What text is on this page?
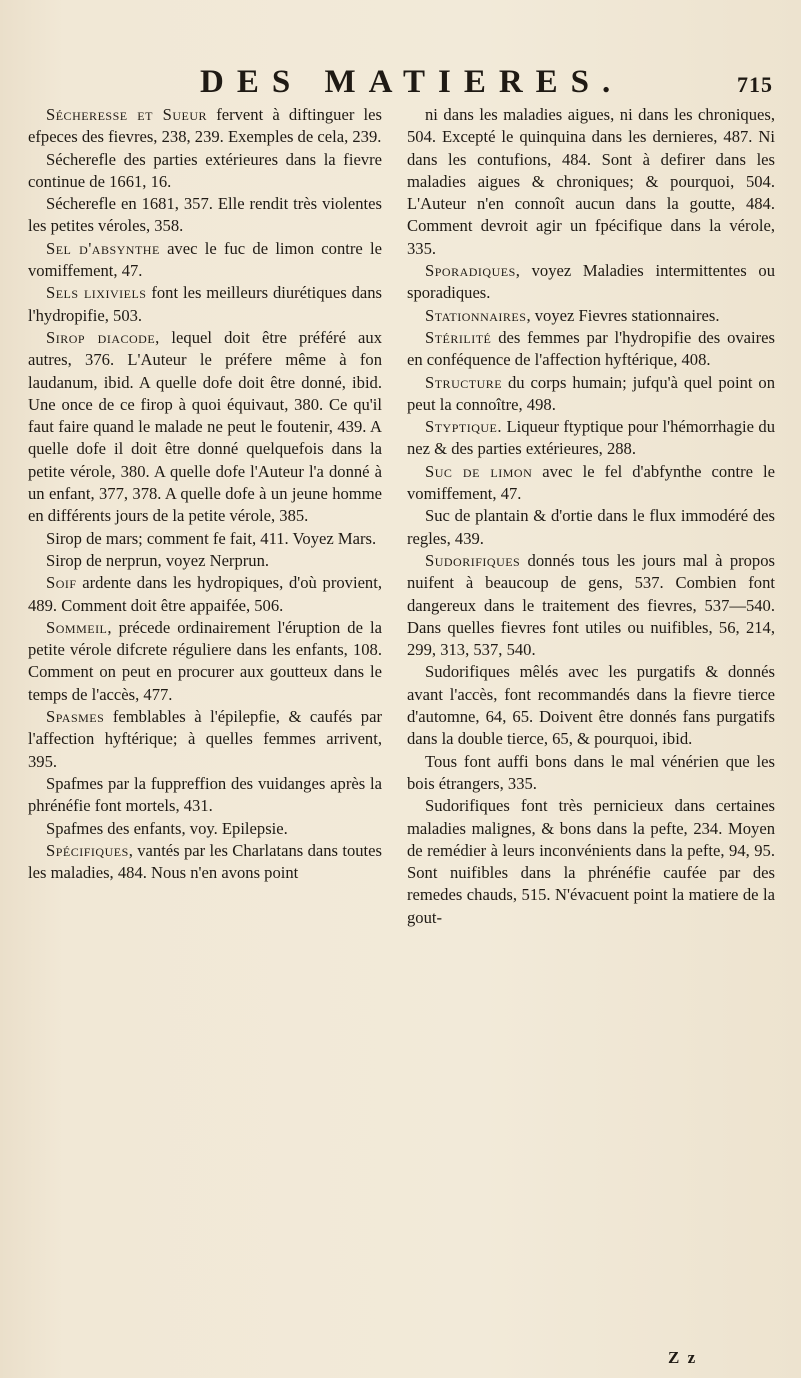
DES MATIERES.	715

Sécheresse et Sueur fervent à diftinguer les efpeces des fievres, 238, 239. Exemples de cela, 239.

Sécherefle des parties extérieures dans la fievre continue de 1661, 16.

Sécherefle en 1681, 357. Elle rendit très violentes les petites véroles, 358.

Sel d'absynthe avec le fuc de limon contre le vomiffement, 47.

Sels lixiviels font les meilleurs diurétiques dans l'hydropifie, 503.

Sirop diacode, lequel doit être préféré aux autres, 376. L'Auteur le préfere même à fon laudanum, ibid. A quelle dofe doit être donné, ibid. Une once de ce firop à quoi équivaut, 380. Ce qu'il faut faire quand le malade ne peut le foutenir, 439. A quelle dofe il doit être donné quelquefois dans la petite vérole, 380. A quelle dofe l'Auteur l'a donné à un enfant, 377, 378. A quelle dofe à un jeune homme en différents jours de la petite vérole, 385.

Sirop de mars; comment fe fait, 411. Voyez Mars.

Sirop de nerprun, voyez Nerprun.

Soif ardente dans les hydropiques, d'où provient, 489. Comment doit être appaifée, 506.

Sommeil, précede ordinairement l'éruption de la petite vérole difcrete réguliere dans les enfants, 108. Comment on peut en procurer aux goutteux dans le temps de l'accès, 477.

Spasmes femblables à l'épilepfie, & caufés par l'affection hyftérique; à quelles femmes arrivent, 395.

Spafmes par la fuppreffion des vuidanges après la phrénéfie font mortels, 431.

Spafmes des enfants, voy. Epilepsie.

Spécifiques, vantés par les Charlatans dans toutes les maladies, 484. Nous n'en avons point

ni dans les maladies aigues, ni dans les chroniques, 504. Excepté le quinquina dans les dernieres, 487. Ni dans les contufions, 484. Sont à defirer dans les maladies aigues & chroniques; & pourquoi, 504. L'Auteur n'en connoît aucun dans la goutte, 484. Comment devroit agir un fpécifique dans la vérole, 335.

Sporadiques, voyez Maladies intermittentes ou sporadiques.

Stationnaires, voyez Fievres stationnaires.

Stérilité des femmes par l'hydropifie des ovaires en conféquence de l'affection hyftérique, 408.

Structure du corps humain; jufqu'à quel point on peut la connoître, 498.

Styptique. Liqueur ftyptique pour l'hémorrhagie du nez & des parties extérieures, 288.

Suc de limon avec le fel d'abfynthe contre le vomiffement, 47.

Suc de plantain & d'ortie dans le flux immodéré des regles, 439.

Sudorifiques donnés tous les jours mal à propos nuifent à beaucoup de gens, 537. Combien font dangereux dans le traitement des fievres, 537—540. Dans quelles fievres font utiles ou nuifibles, 56, 214, 299, 313, 537, 540.

Sudorifiques mêlés avec les purgatifs & donnés avant l'accès, font recommandés dans la fievre tierce d'automne, 64, 65. Doivent être donnés fans purgatifs dans la double tierce, 65, & pourquoi, ibid.

Tous font auffi bons dans le mal vénérien que les bois étrangers, 335.

Sudorifiques font très pernicieux dans certaines maladies malignes, & bons dans la pefte, 234. Moyen de remédier à leurs inconvénients dans la pefte, 94, 95. Sont nuifibles dans la phrénéfie caufée par des remedes chauds, 515. N'évacuent point la matiere de la gout-

Z z
